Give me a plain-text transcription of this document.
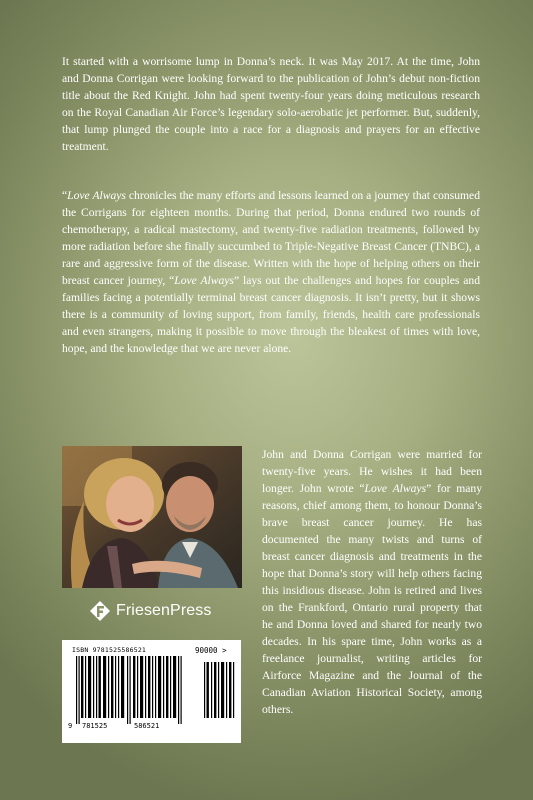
It started with a worrisome lump in Donna’s neck. It was May 2017. At the time, John and Donna Corrigan were looking forward to the publication of John’s debut non-fiction title about the Red Knight. John had spent twenty-four years doing meticulous research on the Royal Canadian Air Force’s legendary solo-aerobatic jet performer. But, suddenly, that lump plunged the couple into a race for a diagnosis and prayers for an effective treatment.

“Love Always chronicles the many efforts and lessons learned on a journey that consumed the Corrigans for eighteen months. During that period, Donna endured two rounds of chemotherapy, a radical mastectomy, and twenty-five radiation treatments, followed by more radiation before she finally succumbed to Triple-Negative Breast Cancer (TNBC), a rare and aggressive form of the disease. Written with the hope of helping others on their breast cancer journey, “Love Always” lays out the challenges and hopes for couples and families facing a potentially terminal breast cancer diagnosis. It isn’t pretty, but it shows there is a community of loving support, from family, friends, health care professionals and even strangers, making it possible to move through the bleakest of times with love, hope, and the knowledge that we are never alone.

FriesenPress
ISBN 9781525586521	90000 >
9 781525	586521

John and Donna Corrigan were married for twenty-five years. He wishes it had been longer. John wrote “Love Always” for many reasons, chief among them, to honour Donna’s brave breast cancer journey. He has documented the many twists and turns of breast cancer diagnosis and treatments in the hope that Donna’s story will help others facing this insidious disease. John is retired and lives on the Frankford, Ontario rural property that he and Donna loved and shared for nearly two decades. In his spare time, John works as a freelance journalist, writing articles for Airforce Magazine and the Journal of the Canadian Aviation Historical Society, among others.
